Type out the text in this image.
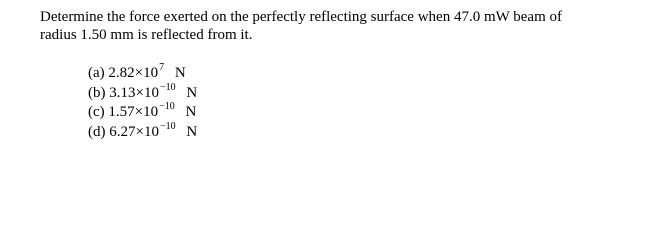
Determine the force exerted on the perfectly reflecting surface when 47.0 mW beam of
radius 1.50 mm is reflected from it.
(a) $2.82\times 10^7$ N
(b) $3.13\times 10^{-10}$ N
(c) $1.57\times 10^{-10}$ N
(d) $6.27\times 10^{-10}$ N
